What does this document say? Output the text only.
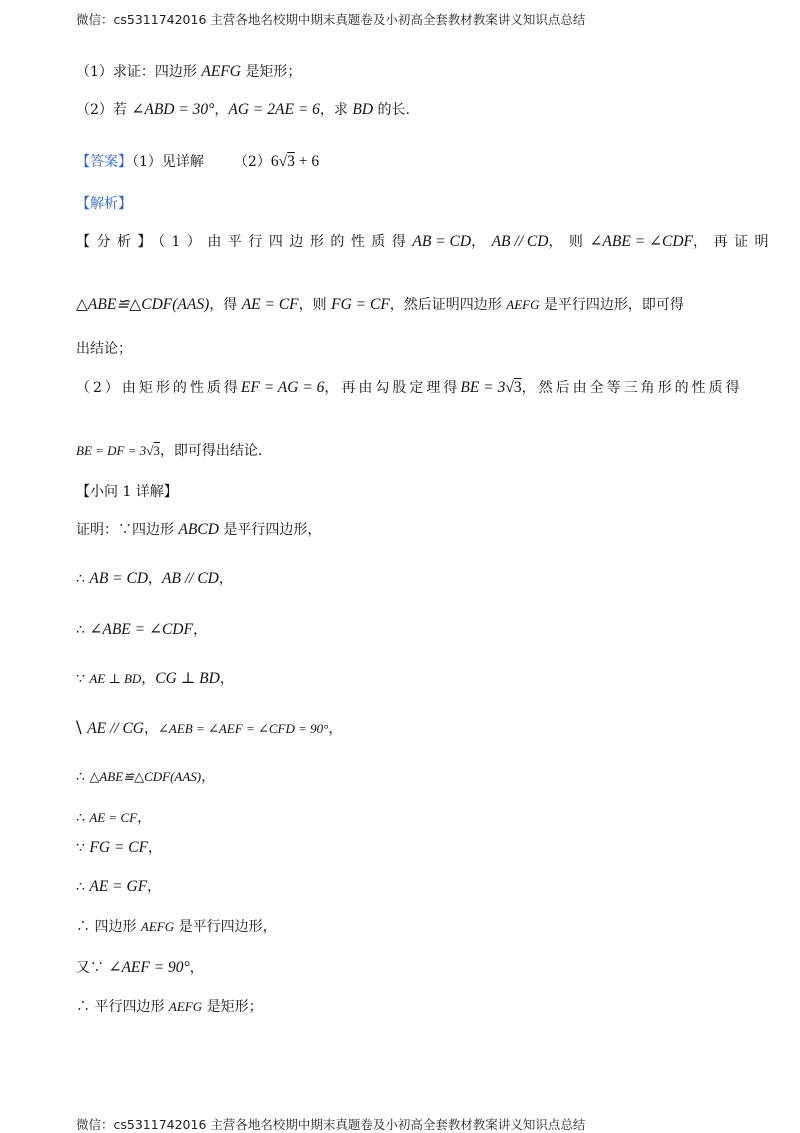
微信：cs5311742016 主营各地名校期中期末真题卷及小初高全套教材教案讲义知识点总结
（1）求证：四边形 AEFG 是矩形；
（2）若 ∠ABD = 30°，AG = 2AE = 6，求 BD 的长.
【答案】（1）见详解 （2）6√3 + 6
【解析】
【分析】（1）由平行四边形的性质得AB = CD，AB // CD，则∠ABE = ∠CDF，再证明
△ABE≌△CDF(AAS)，得 AE = CF，则 FG = CF，然后证明四边形 AEFG 是平行四边形，即可得
出结论；
（2）由矩形的性质得EF = AG = 6，再由勾股定理得BE = 3√3，然后由全等三角形的性质得
BE = DF = 3√3，即可得出结论.
【小问 1 详解】
证明：∵四边形 ABCD 是平行四边形，
∴ AB = CD，AB // CD，
∴ ∠ABE = ∠CDF，
∵ AE ⊥ BD，CG ⊥ BD，
\ AE // CG，∠AEB = ∠AEF = ∠CFD = 90°，
∴ △ABE≌△CDF(AAS)，
∴ AE = CF，
∵ FG = CF，
∴ AE = GF，
∴ 四边形 AEFG 是平行四边形，
又∵ ∠AEF = 90°，
∴ 平行四边形 AEFG 是矩形；
微信：cs5311742016 主营各地名校期中期末真题卷及小初高全套教材教案讲义知识点总结
